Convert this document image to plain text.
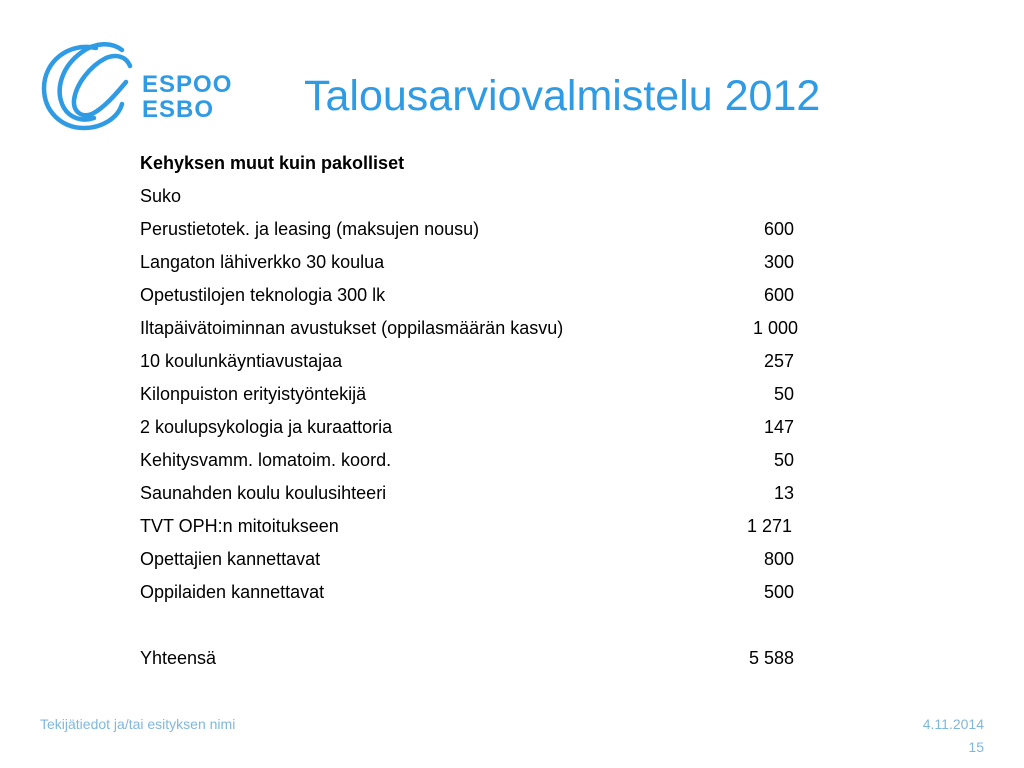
ESPOO
ESBO	Talousarviovalmistelu 2012
Kehyksen muut kuin pakolliset
Suko
Perustietotek. ja leasing (maksujen nousu)	600
Langaton lähiverkko 30 koulua	300
Opetustilojen teknologia 300 lk	600
Iltapäivätoiminnan avustukset (oppilasmäärän kasvu)	1 000
10 koulunkäyntiavustajaa	257
Kilonpuiston erityistyöntekijä	50
2 koulupsykologia ja kuraattoria	147
Kehitysvamm. lomatoim. koord.	50
Saunahden koulu koulusihteeri	13
TVT OPH:n mitoitukseen	1 271
Opettajien kannettavat	800
Oppilaiden kannettavat	500
Yhteensä	5 588
Tekijätiedot ja/tai esityksen nimi	4.11.2014
15
